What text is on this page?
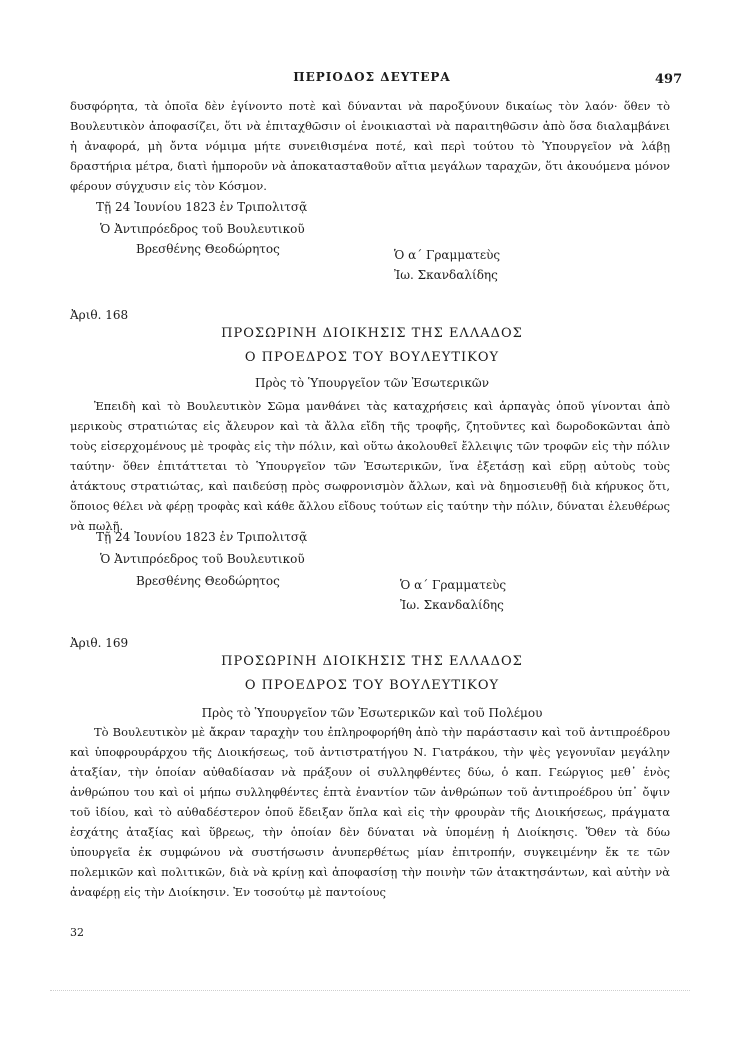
ΠΕΡΙΟΔΟΣ ΔΕΥΤΕΡΑ	497

δυσφόρητα, τὰ ὁποῖα δὲν ἐγίνοντο ποτὲ καὶ δύνανται νὰ παροξύνουν δικαίως τὸν λαόν· ὅθεν τὸ Βουλευτικὸν ἀποφασίζει, ὅτι νὰ ἐπιταχθῶσιν οἱ ἐνοικιασταὶ νὰ παραιτηθῶσιν ἀπὸ ὅσα διαλαμβάνει ἡ ἀναφορά, μὴ ὄντα νόμιμα μήτε συνειθισμένα ποτέ, καὶ περὶ τούτου τὸ Ὑπουργεῖον νὰ λάβῃ δραστήρια μέτρα, διατὶ ἠμποροῦν νὰ ἀποκατασταθοῦν αἴτια μεγάλων ταραχῶν, ὅτι ἀκουόμενα μόνον φέρουν σύγχυσιν εἰς τὸν Κόσμον.

Τῇ 24 Ἰουνίου 1823 ἐν Τριπολιτσᾷ
Ὁ Ἀντιπρόεδρος τοῦ Βουλευτικοῦ
Βρεσθένης Θεοδώρητος	Ὁ α΄ Γραμματεὺς
Ἰω. Σκανδαλίδης
Ἀριθ. 168
ΠΡΟΣΩΡΙΝΗ ΔΙΟΙΚΗΣΙΣ ΤΗΣ ΕΛΛΑΔΟΣ
Ο ΠΡΟΕΔΡΟΣ ΤΟΥ ΒΟΥΛΕΥΤΙΚΟΥ
Πρὸς τὸ Ὑπουργεῖον τῶν Ἐσωτερικῶν

Ἐπειδὴ καὶ τὸ Βουλευτικὸν Σῶμα μανθάνει τὰς καταχρήσεις καὶ ἁρπαγὰς ὁποῦ γίνονται ἀπὸ μερικοὺς στρατιώτας εἰς ἄλευρον καὶ τὰ ἄλλα εἴδη τῆς τροφῆς, ζητοῦντες καὶ δωροδοκῶνται ἀπὸ τοὺς εἰσερχομένους μὲ τροφὰς εἰς τὴν πόλιν, καὶ οὕτω ἀκολουθεῖ ἔλλειψις τῶν τροφῶν εἰς τὴν πόλιν ταύτην· ὅθεν ἐπιτάττεται τὸ Ὑπουργεῖον τῶν Ἐσωτερικῶν, ἵνα ἐξετάσῃ καὶ εὕρῃ αὐτοὺς τοὺς ἀτάκτους στρατιώτας, καὶ παιδεύσῃ πρὸς σωφρονισμὸν ἄλλων, καὶ νὰ δημοσιευθῇ διὰ κήρυκος ὅτι, ὅποιος θέλει νὰ φέρῃ τροφὰς καὶ κάθε ἄλλου εἴδους τούτων εἰς ταύτην τὴν πόλιν, δύναται ἐλευθέρως νὰ πωλῇ.

Τῇ 24 Ἰουνίου 1823 ἐν Τριπολιτσᾷ
Ὁ Ἀντιπρόεδρος τοῦ Βουλευτικοῦ
Βρεσθένης Θεοδώρητος	Ὁ α΄ Γραμματεὺς
Ἰω. Σκανδαλίδης
Ἀριθ. 169
ΠΡΟΣΩΡΙΝΗ ΔΙΟΙΚΗΣΙΣ ΤΗΣ ΕΛΛΑΔΟΣ
Ο ΠΡΟΕΔΡΟΣ ΤΟΥ ΒΟΥΛΕΥΤΙΚΟΥ
Πρὸς τὸ Ὑπουργεῖον τῶν Ἐσωτερικῶν καὶ τοῦ Πολέμου

Τὸ Βουλευτικὸν μὲ ἄκραν ταραχὴν του ἐπληροφορήθη ἀπὸ τὴν παράστασιν καὶ τοῦ ἀντιπροέδρου καὶ ὑποφρουράρχου τῆς Διοικήσεως, τοῦ ἀντιστρατήγου Ν. Γιατράκου, τὴν ψὲς γεγονυῖαν μεγάλην ἀταξίαν, τὴν ὁποίαν αὐθαδίασαν νὰ πράξουν οἱ συλληφθέντες δύω, ὁ καπ. Γεώργιος μεθ᾽ ἑνὸς ἀνθρώπου του καὶ οἱ μήπω συλληφθέντες ἑπτὰ ἐναντίον τῶν ἀνθρώπων τοῦ ἀντιπροέδρου ὑπ᾽ ὄψιν τοῦ ἰδίου, καὶ τὸ αὐθαδέστερον ὁποῦ ἔδειξαν ὅπλα καὶ εἰς τὴν φρουρὰν τῆς Διοικήσεως, πράγματα ἐσχάτης ἀταξίας καὶ ὕβρεως, τὴν ὁποίαν δὲν δύναται νὰ ὑπομένῃ ἡ Διοίκησις. Ὅθεν τὰ δύω ὑπουργεῖα ἐκ συμφώνου νὰ συστήσωσιν ἀνυπερθέτως μίαν ἐπιτροπήν, συγκειμένην ἔκ τε τῶν πολεμικῶν καὶ πολιτικῶν, διὰ νὰ κρίνῃ καὶ ἀποφασίσῃ τὴν ποινὴν τῶν ἀτακτησάντων, καὶ αὐτὴν νὰ ἀναφέρῃ εἰς τὴν Διοίκησιν. Ἐν τοσούτῳ μὲ παντοίους

32
